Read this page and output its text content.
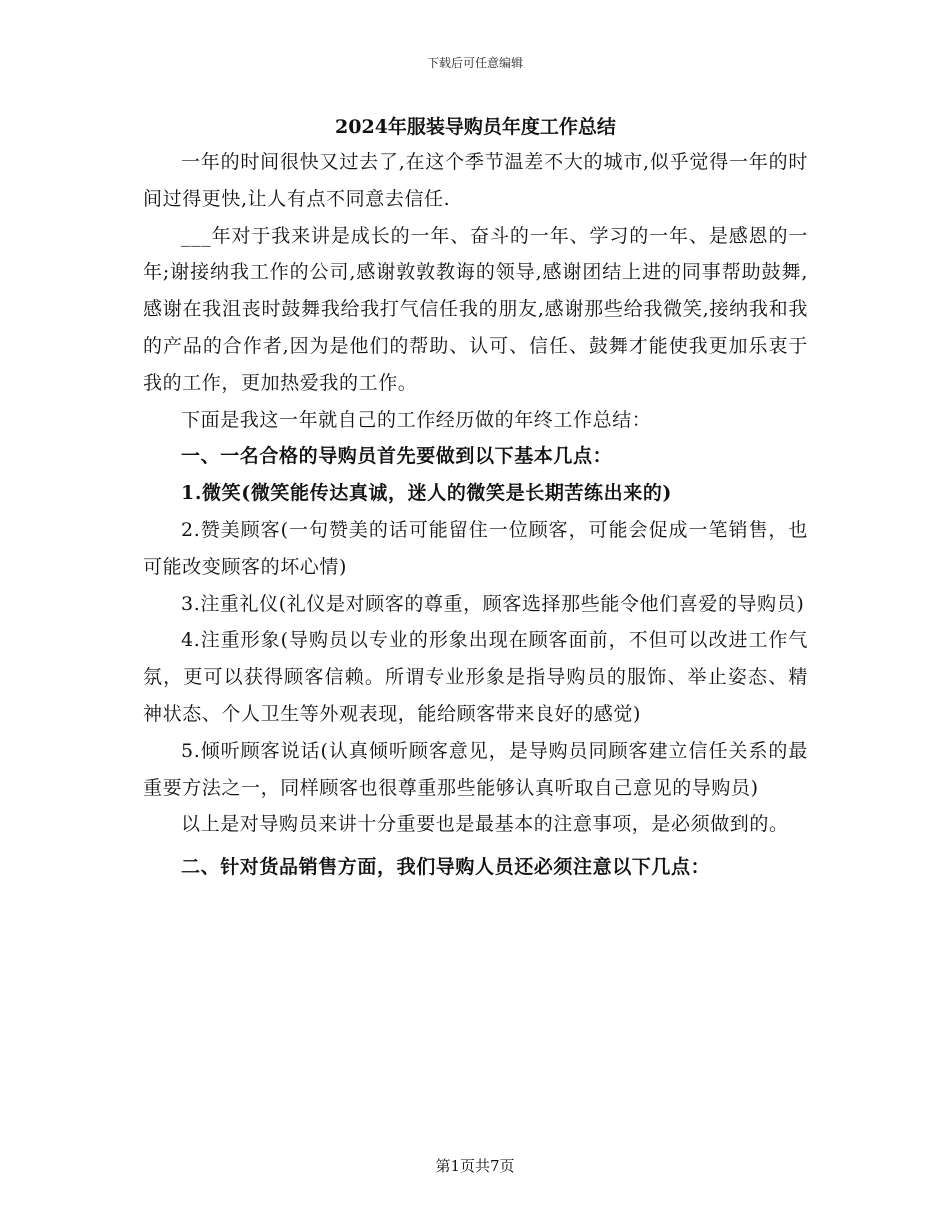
下载后可任意编辑
2024年服装导购员年度工作总结

一年的时间很快又过去了,在这个季节温差不大的城市,似乎觉得一年的时间过得更快,让人有点不同意去信任.

___年对于我来讲是成长的一年、奋斗的一年、学习的一年、是感恩的一年;谢接纳我工作的公司,感谢敦敦教诲的领导,感谢团结上进的同事帮助鼓舞,感谢在我沮丧时鼓舞我给我打气信任我的朋友,感谢那些给我微笑,接纳我和我的产品的合作者,因为是他们的帮助、认可、信任、鼓舞才能使我更加乐衷于我的工作，更加热爱我的工作。

下面是我这一年就自己的工作经历做的年终工作总结：

一、一名合格的导购员首先要做到以下基本几点：

1.微笑(微笑能传达真诚，迷人的微笑是长期苦练出来的)

2.赞美顾客(一句赞美的话可能留住一位顾客，可能会促成一笔销售，也可能改变顾客的坏心情)

3.注重礼仪(礼仪是对顾客的尊重，顾客选择那些能令他们喜爱的导购员)

4.注重形象(导购员以专业的形象出现在顾客面前，不但可以改进工作气氛，更可以获得顾客信赖。所谓专业形象是指导购员的服饰、举止姿态、精神状态、个人卫生等外观表现，能给顾客带来良好的感觉)

5.倾听顾客说话(认真倾听顾客意见，是导购员同顾客建立信任关系的最重要方法之一，同样顾客也很尊重那些能够认真听取自己意见的导购员)

以上是对导购员来讲十分重要也是最基本的注意事项，是必须做到的。

二、针对货品销售方面，我们导购人员还必须注意以下几点：

第1页共7页
